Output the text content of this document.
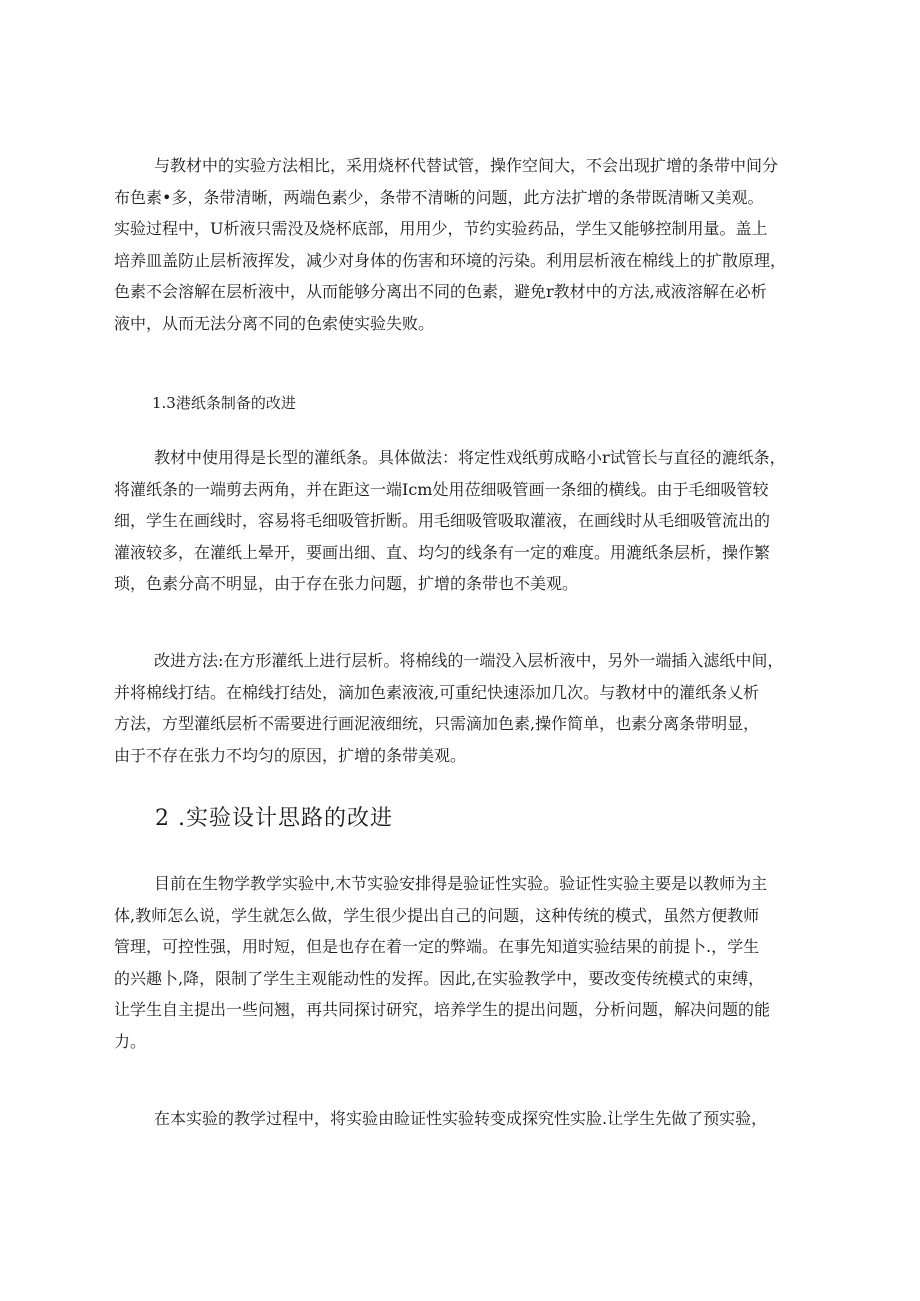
与教材中的实验方法相比，采用烧杯代替试管，操作空间大，不会出现扩增的条带中间分
布色素•多，条带清晰，两端色素少，条带不清晰的问题，此方法扩增的条带既清晰又美观。
实验过程中，U析液只需没及烧杯底部，用用少，节约实验药品，学生又能够控制用量。盖上
培养皿盖防止层析液挥发，减少对身体的伤害和环境的污染。利用层析液在棉线上的扩散原理，
色素不会溶解在层析液中，从而能够分离出不同的色素，避免r教材中的方法,戒液溶解在必析
液中，从而无法分离不同的色索使实验失败。

1.3港纸条制备的改进

教材中使用得是长型的灌纸条。具体做法：将定性戏纸剪成略小r试管长与直径的漉纸条，
将灌纸条的一端剪去两角，并在距这一端Icm处用莅细吸管画一条细的横线。由于毛细吸管较
细，学生在画线时，容易将毛细吸管折断。用毛细吸管吸取灌液，在画线时从毛细吸管流出的
灌液较多，在灌纸上晕开，要画出细、直、均匀的线条有一定的难度。用漉纸条层析，操作繁
琐，色素分高不明显，由于存在张力问题，扩增的条带也不美观。

改进方法:在方形灌纸上进行层析。将棉线的一端没入层析液中，另外一端插入滤纸中间，
并将棉线打结。在棉线打结处，滴加色素液液,可重纪快速添加几次。与教材中的灌纸条乂析
方法，方型灌纸层析不需要进行画泥液细统，只需滴加色素,操作简单，也素分离条带明显，
由于不存在张力不均匀的原因，扩增的条带美观。

2 .实验设计思路的改进

目前在生物学教学实验中,木节实验安排得是验证性实验。验证性实验主要是以教师为主
体,教师怎么说，学生就怎么做，学生很少提出自己的问题，这种传统的模式，虽然方便教师
管理，可控性强，用时短，但是也存在着一定的弊端。在事先知道实验结果的前提卜.，学生
的兴趣卜,降，限制了学生主观能动性的发挥。因此,在实验教学中，要改变传统模式的束缚，
让学生自主提出一些问翘，再共同探讨研究，培养学生的提出问题，分析问题，解决问题的能
力。

在本实验的教学过程中，将实验由睑证性实验转变成探究性实脸.让学生先做了预实验，
